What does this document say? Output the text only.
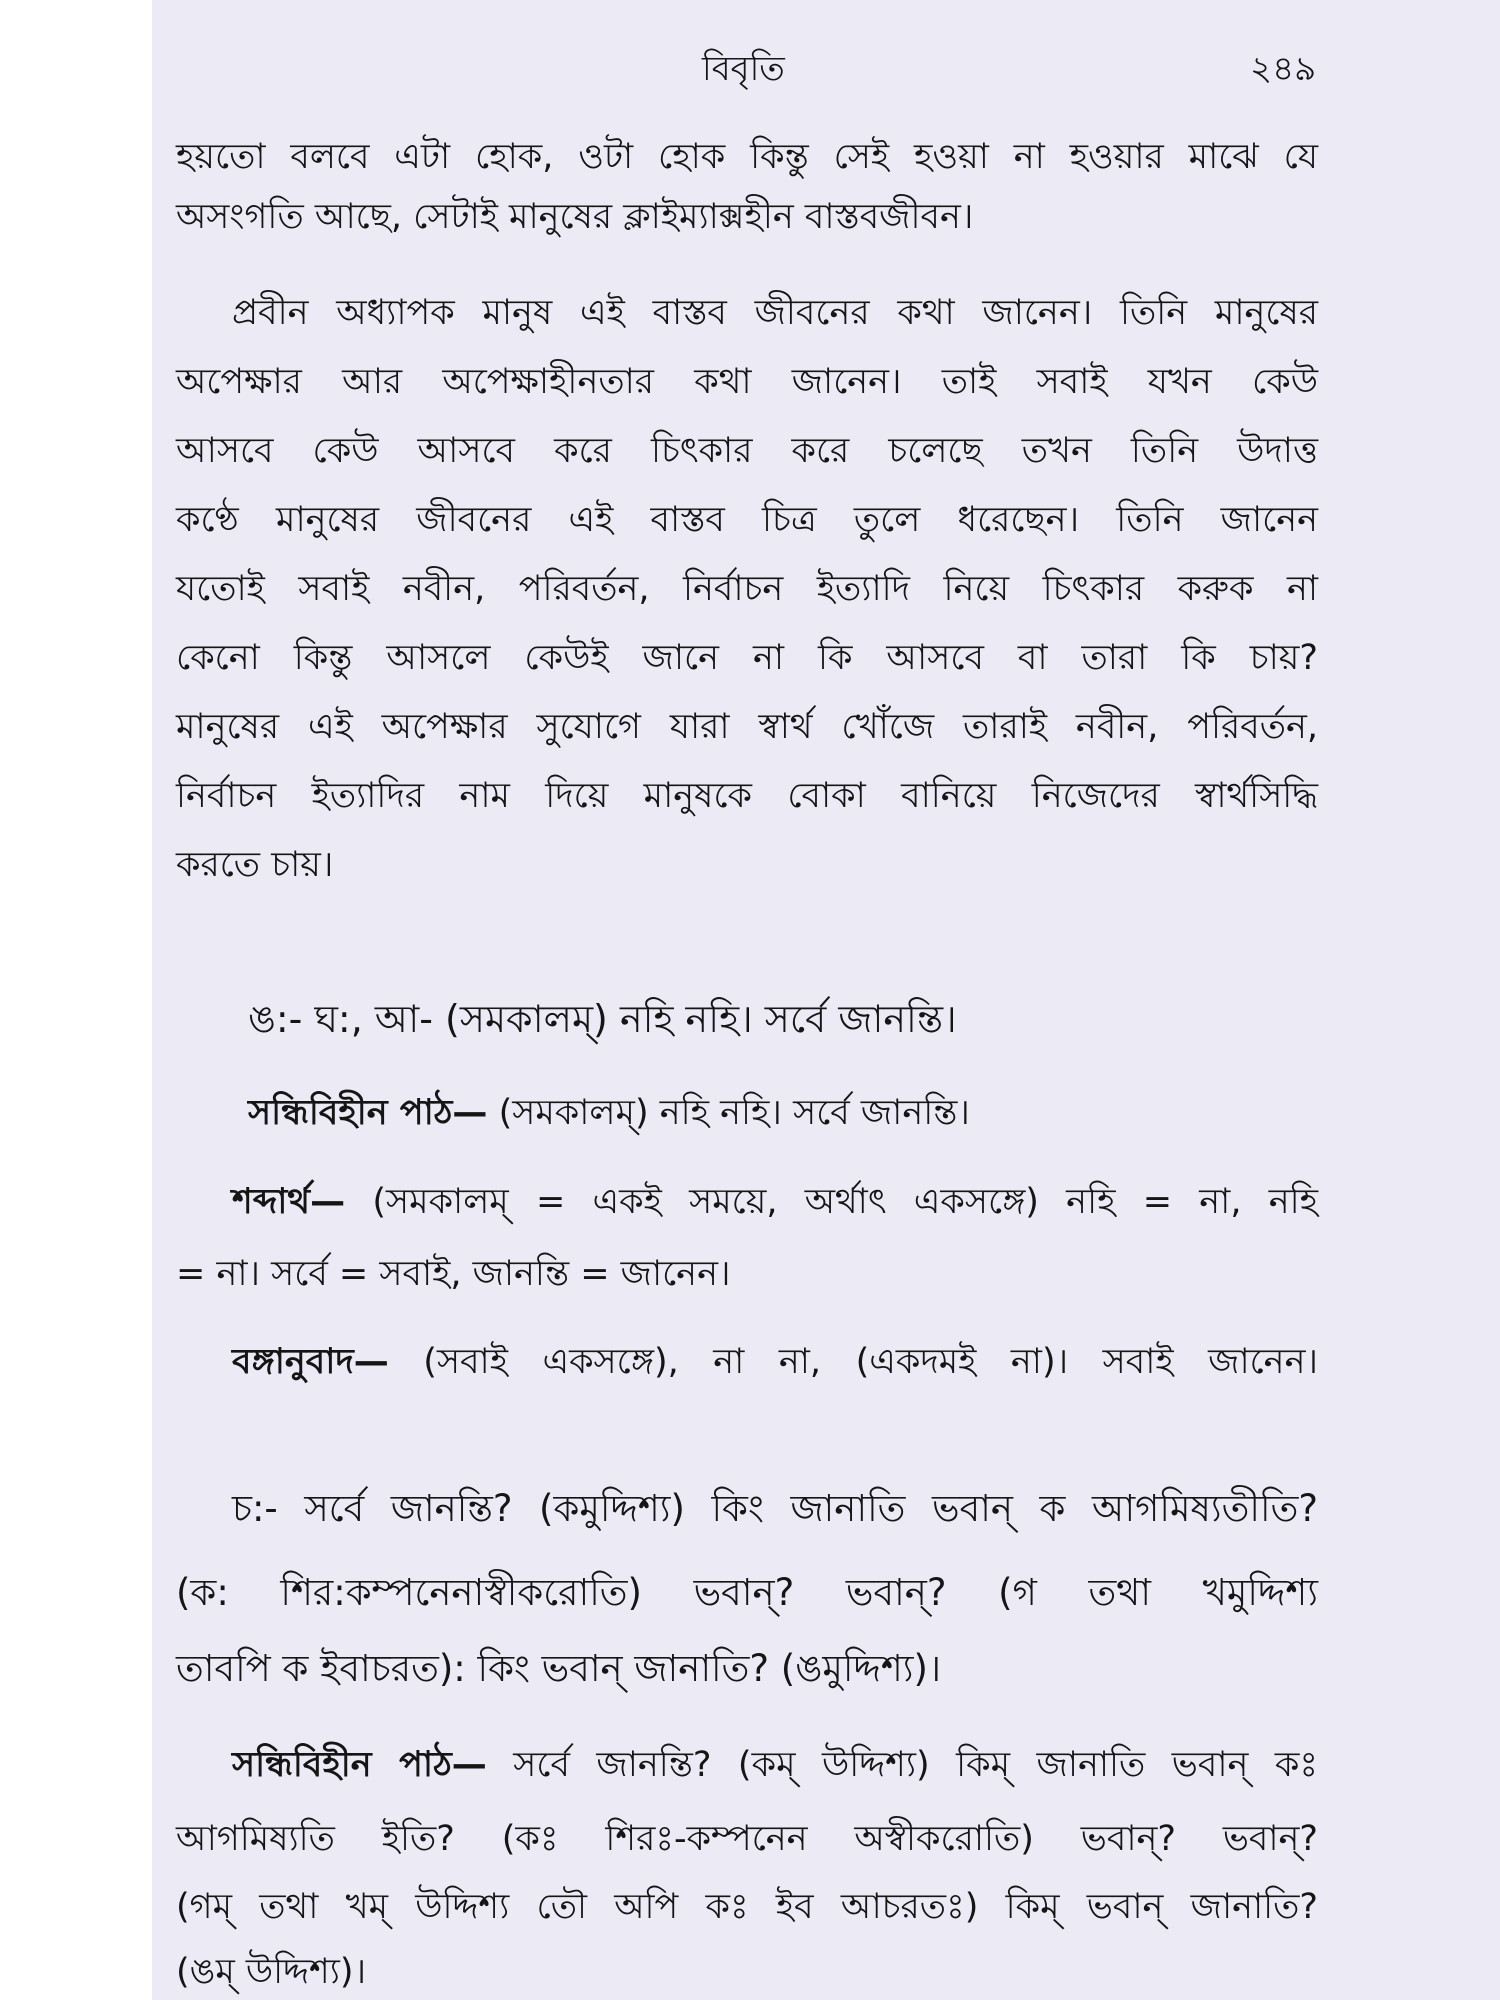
বিবৃতি	২৪৯
হয়তো বলবে এটা হোক, ওটা হোক কিন্তু সেই হওয়া না হওয়ার মাঝে যে
অসংগতি আছে, সেটাই মানুষের ক্লাইম্যাক্সহীন বাস্তবজীবন।
প্রবীন অধ্যাপক মানুষ এই বাস্তব জীবনের কথা জানেন। তিনি মানুষের
অপেক্ষার আর অপেক্ষাহীনতার কথা জানেন। তাই সবাই যখন কেউ
আসবে কেউ আসবে করে চিৎকার করে চলেছে তখন তিনি উদাত্ত
কণ্ঠে মানুষের জীবনের এই বাস্তব চিত্র তুলে ধরেছেন। তিনি জানেন
যতোই সবাই নবীন, পরিবর্তন, নির্বাচন ইত্যাদি নিয়ে চিৎকার করুক না
কেনো কিন্তু আসলে কেউই জানে না কি আসবে বা তারা কি চায়?
মানুষের এই অপেক্ষার সুযোগে যারা স্বার্থ খোঁজে তারাই নবীন, পরিবর্তন,
নির্বাচন ইত্যাদির নাম দিয়ে মানুষকে বোকা বানিয়ে নিজেদের স্বার্থসিদ্ধি
করতে চায়।
ঙ:- ঘ:, আ- (সমকালম্) নহি নহি। সর্বে জানন্তি।
সন্ধিবিহীন পাঠ— (সমকালম্) নহি নহি। সর্বে জানন্তি।
শব্দার্থ— (সমকালম্ = একই সময়ে, অর্থাৎ একসঙ্গে) নহি = না, নহি
= না। সর্বে = সবাই, জানন্তি = জানেন।
বঙ্গানুবাদ— (সবাই একসঙ্গে), না না, (একদমই না)। সবাই জানেন।
চ:- সর্বে জানন্তি? (কমুদ্দিশ্য) কিং জানাতি ভবান্ ক আগমিষ্যতীতি?
(ক: শির:কম্পনেনাস্বীকরোতি) ভবান্? ভবান্? (গ তথা খমুদ্দিশ্য
তাবপি ক ইবাচরত): কিং ভবান্ জানাতি? (ঙমুদ্দিশ্য)।
সন্ধিবিহীন পাঠ— সর্বে জানন্তি? (কম্ উদ্দিশ্য) কিম্ জানাতি ভবান্ কঃ
আগমিষ্যতি ইতি? (কঃ শিরঃ-কম্পনেন অস্বীকরোতি) ভবান্? ভবান্?
(গম্ তথা খম্ উদ্দিশ্য তৌ অপি কঃ ইব আচরতঃ) কিম্ ভবান্ জানাতি?
(ঙম্ উদ্দিশ্য)।
